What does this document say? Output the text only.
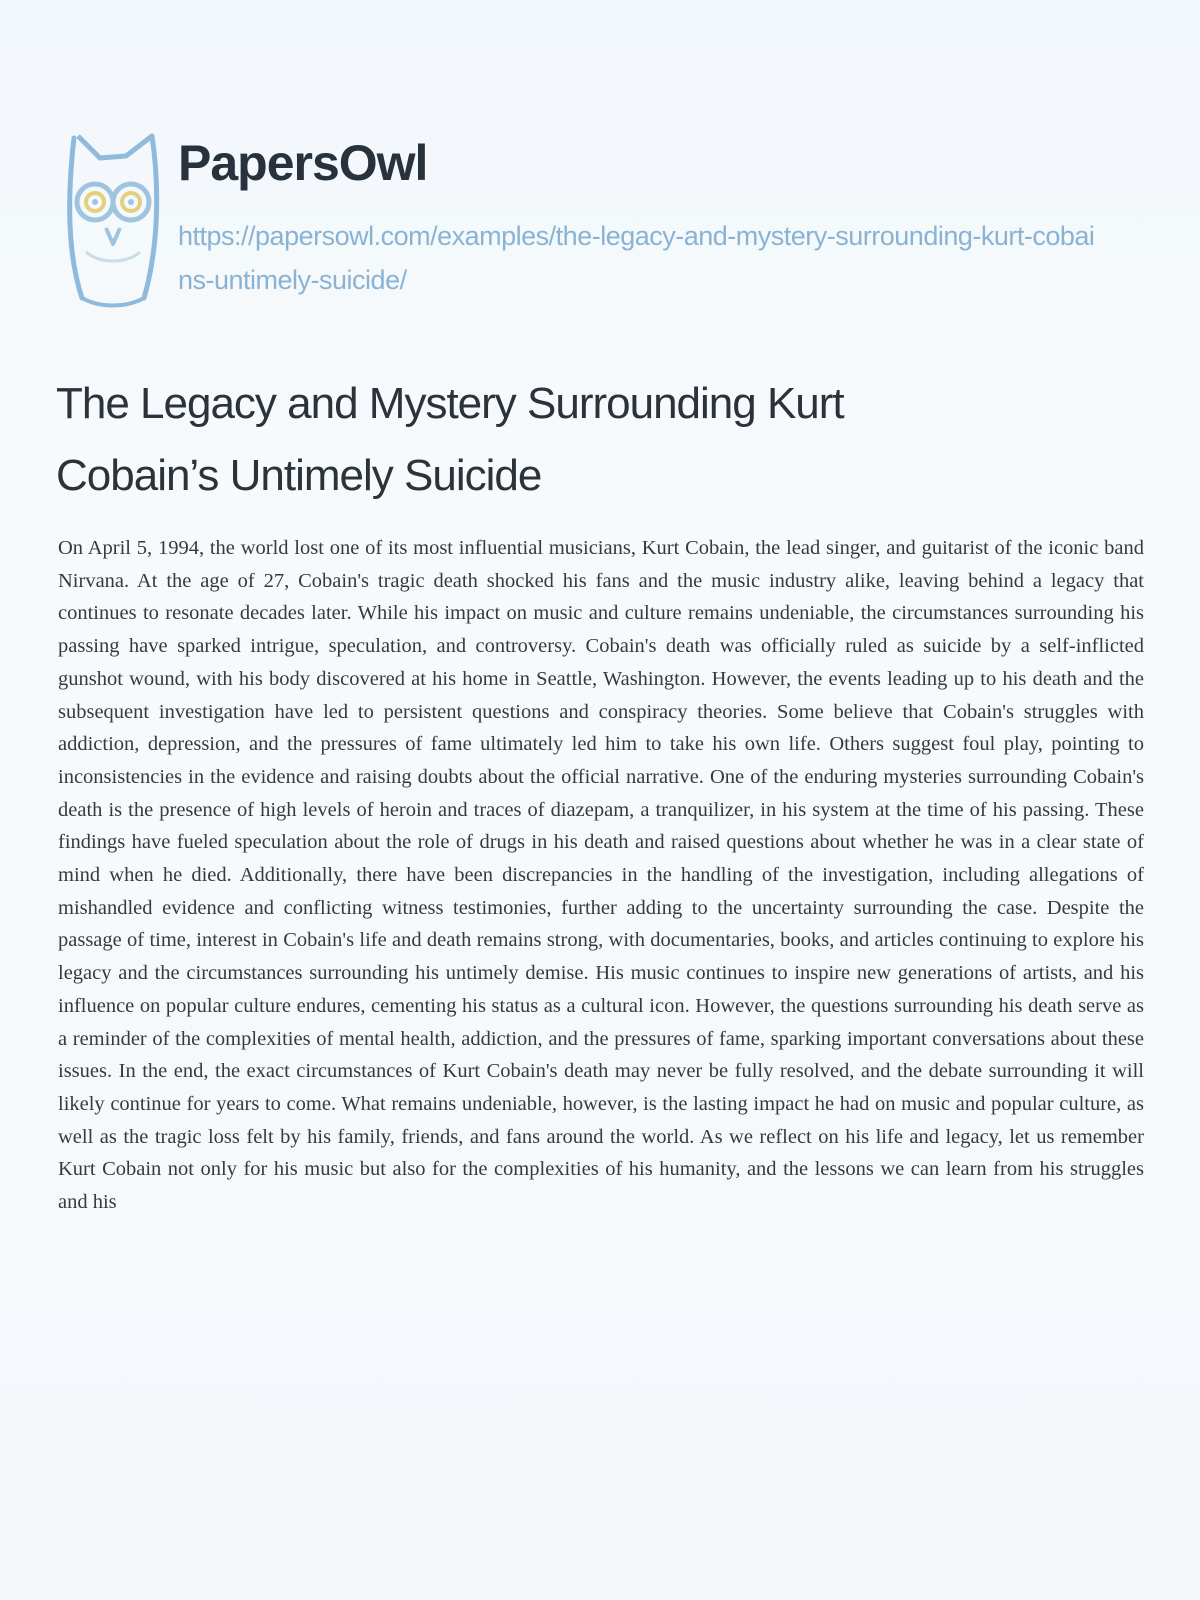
PapersOwl
https://papersowl.com/examples/the-legacy-and-mystery-surrounding-kurt-cobains-untimely-suicide/
The Legacy and Mystery Surrounding Kurt Cobain’s Untimely Suicide

On April 5, 1994, the world lost one of its most influential musicians, Kurt Cobain, the lead singer, and guitarist of the iconic band Nirvana. At the age of 27, Cobain's tragic death shocked his fans and the music industry alike, leaving behind a legacy that continues to resonate decades later. While his impact on music and culture remains undeniable, the circumstances surrounding his passing have sparked intrigue, speculation, and controversy. Cobain's death was officially ruled as suicide by a self-inflicted gunshot wound, with his body discovered at his home in Seattle, Washington. However, the events leading up to his death and the subsequent investigation have led to persistent questions and conspiracy theories. Some believe that Cobain's struggles with addiction, depression, and the pressures of fame ultimately led him to take his own life. Others suggest foul play, pointing to inconsistencies in the evidence and raising doubts about the official narrative. One of the enduring mysteries surrounding Cobain's death is the presence of high levels of heroin and traces of diazepam, a tranquilizer, in his system at the time of his passing. These findings have fueled speculation about the role of drugs in his death and raised questions about whether he was in a clear state of mind when he died. Additionally, there have been discrepancies in the handling of the investigation, including allegations of mishandled evidence and conflicting witness testimonies, further adding to the uncertainty surrounding the case. Despite the passage of time, interest in Cobain's life and death remains strong, with documentaries, books, and articles continuing to explore his legacy and the circumstances surrounding his untimely demise. His music continues to inspire new generations of artists, and his influence on popular culture endures, cementing his status as a cultural icon. However, the questions surrounding his death serve as a reminder of the complexities of mental health, addiction, and the pressures of fame, sparking important conversations about these issues. In the end, the exact circumstances of Kurt Cobain's death may never be fully resolved, and the debate surrounding it will likely continue for years to come. What remains undeniable, however, is the lasting impact he had on music and popular culture, as well as the tragic loss felt by his family, friends, and fans around the world. As we reflect on his life and legacy, let us remember Kurt Cobain not only for his music but also for the complexities of his humanity, and the lessons we can learn from his struggles and his
